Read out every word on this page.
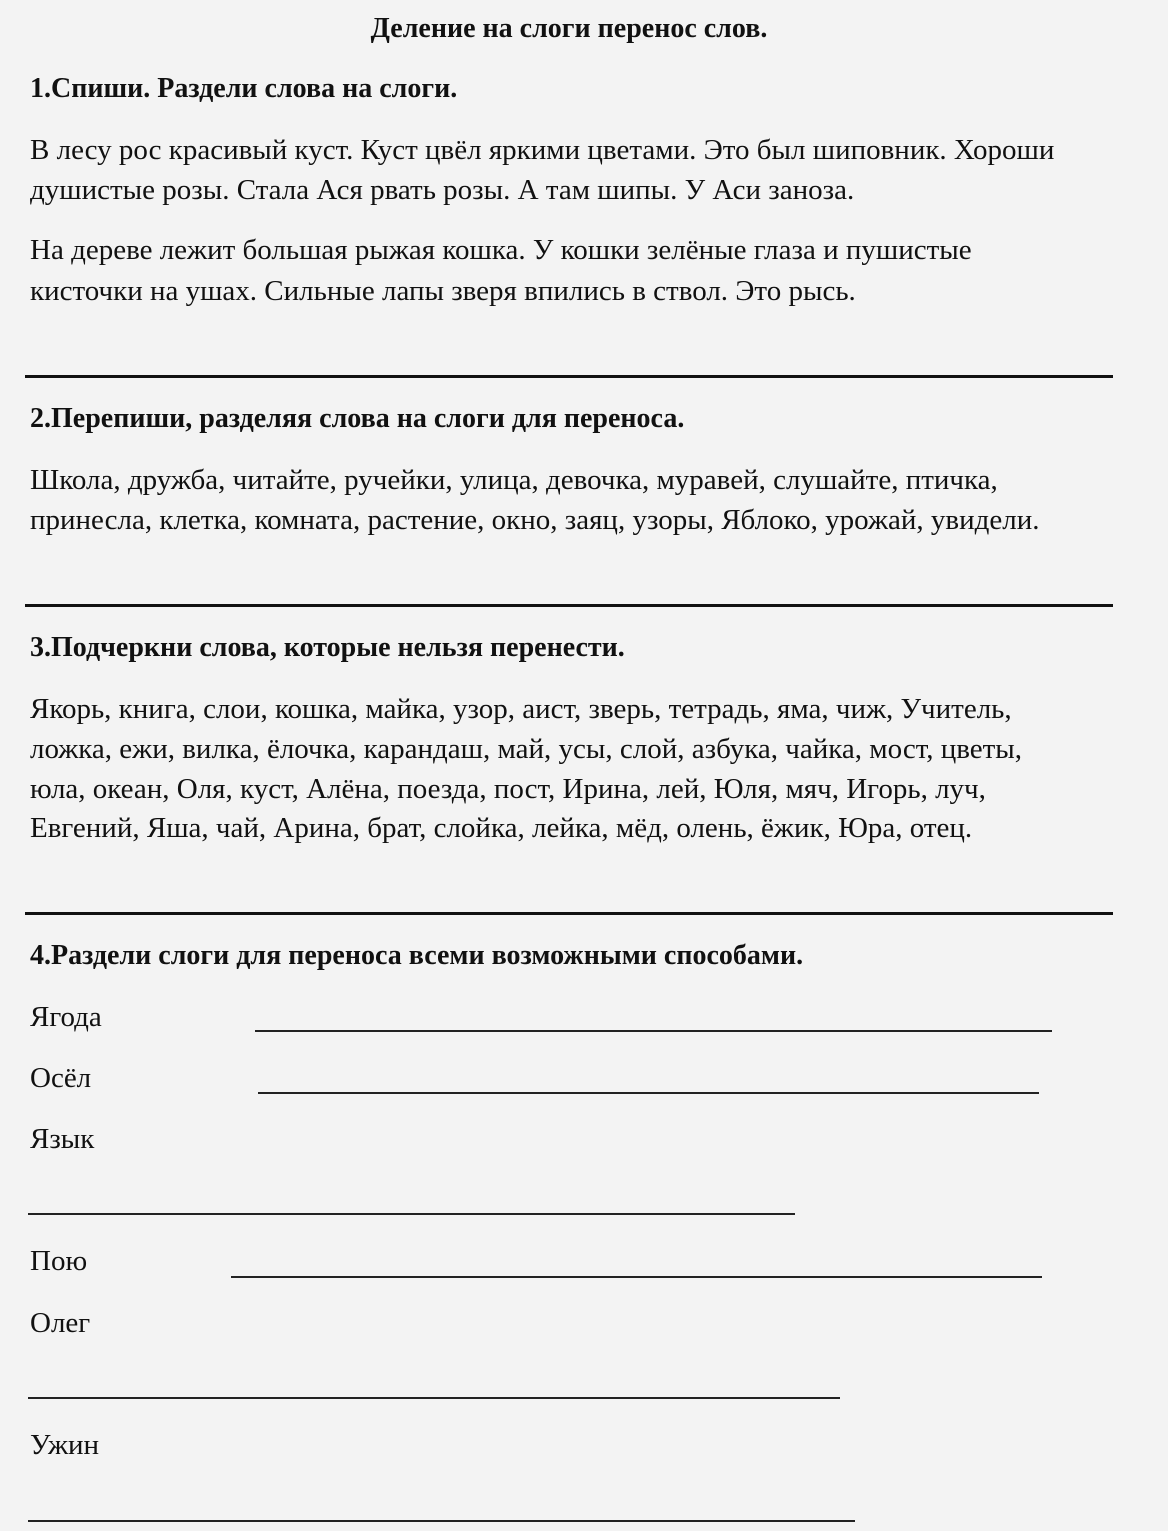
Деление на слоги перенос слов.
1.Спиши. Раздели слова на слоги.
В лесу рос красивый куст. Куст цвёл яркими цветами. Это был шиповник. Хороши
душистые розы. Стала Ася рвать розы. А там шипы. У Аси заноза.
На дереве лежит большая рыжая кошка. У кошки зелёные глаза и пушистые
кисточки на ушах. Сильные лапы зверя впились в ствол. Это рысь.
2.Перепиши, разделяя слова на слоги для переноса.
Школа, дружба, читайте, ручейки, улица, девочка, муравей, слушайте, птичка,
принесла, клетка, комната, растение, окно, заяц, узоры, Яблоко, урожай, увидели.
3.Подчеркни слова, которые нельзя перенести.
Якорь, книга, слои, кошка, майка, узор, аист, зверь, тетрадь, яма, чиж, Учитель,
ложка, ежи, вилка, ёлочка, карандаш, май, усы, слой, азбука, чайка, мост, цветы,
юла, океан, Оля, куст, Алёна, поезда, пост, Ирина, лей, Юля, мяч, Игорь, луч,
Евгений, Яша, чай, Арина, брат, слойка, лейка, мёд, олень, ёжик, Юра, отец.
4.Раздели слоги для переноса всеми возможными способами.
Ягода
Осёл
Язык
Пою
Олег
Ужин
